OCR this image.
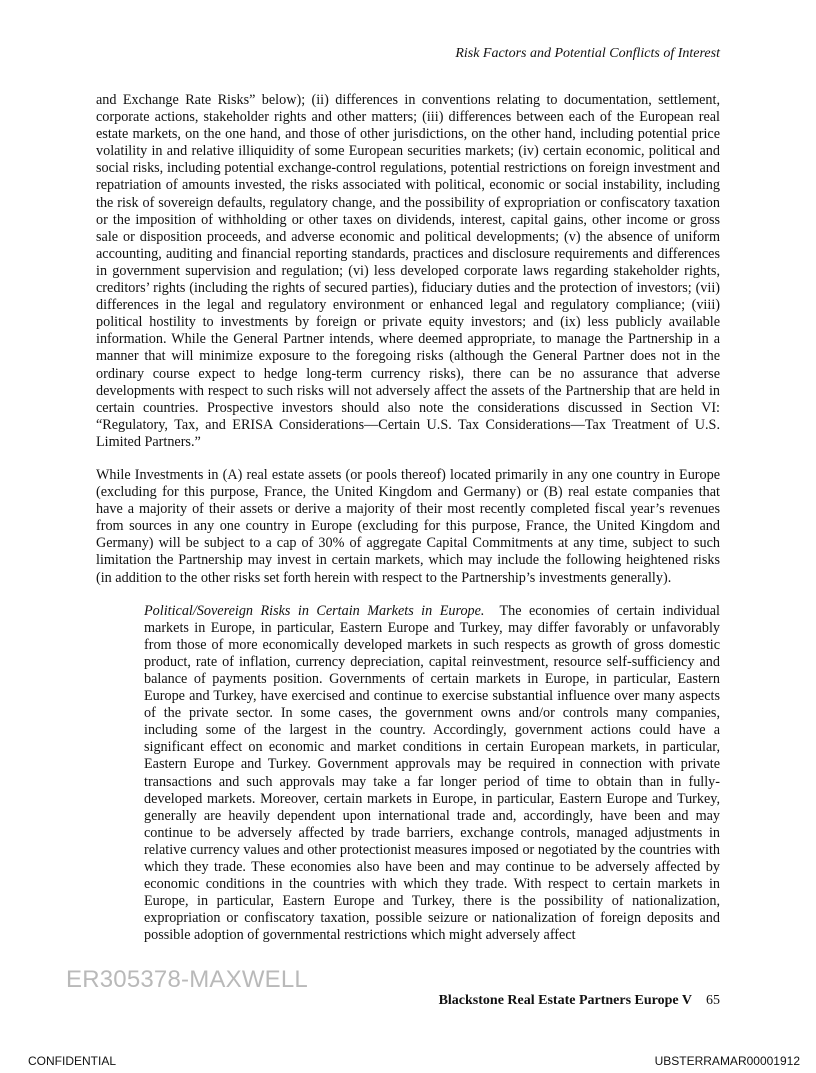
Risk Factors and Potential Conflicts of Interest

and Exchange Rate Risks” below); (ii) differences in conventions relating to documentation, settlement, corporate actions, stakeholder rights and other matters; (iii) differences between each of the European real estate markets, on the one hand, and those of other jurisdictions, on the other hand, including potential price volatility in and relative illiquidity of some European securities markets; (iv) certain economic, political and social risks, including potential exchange-control regulations, potential restrictions on foreign investment and repatriation of amounts invested, the risks associated with political, economic or social instability, including the risk of sovereign defaults, regulatory change, and the possibility of expropriation or confiscatory taxation or the imposition of withholding or other taxes on dividends, interest, capital gains, other income or gross sale or disposition proceeds, and adverse economic and political developments; (v) the absence of uniform accounting, auditing and financial reporting standards, practices and disclosure requirements and differences in government supervision and regulation; (vi) less developed corporate laws regarding stakeholder rights, creditors’ rights (including the rights of secured parties), fiduciary duties and the protection of investors; (vii) differences in the legal and regulatory environment or enhanced legal and regulatory compliance; (viii) political hostility to investments by foreign or private equity investors; and (ix) less publicly available information. While the General Partner intends, where deemed appropriate, to manage the Partnership in a manner that will minimize exposure to the foregoing risks (although the General Partner does not in the ordinary course expect to hedge long-term currency risks), there can be no assurance that adverse developments with respect to such risks will not adversely affect the assets of the Partnership that are held in certain countries. Prospective investors should also note the considerations discussed in Section VI: “Regulatory, Tax, and ERISA Considerations—Certain U.S. Tax Considerations—Tax Treatment of U.S. Limited Partners.”

While Investments in (A) real estate assets (or pools thereof) located primarily in any one country in Europe (excluding for this purpose, France, the United Kingdom and Germany) or (B) real estate companies that have a majority of their assets or derive a majority of their most recently completed fiscal year’s revenues from sources in any one country in Europe (excluding for this purpose, France, the United Kingdom and Germany) will be subject to a cap of 30% of aggregate Capital Commitments at any time, subject to such limitation the Partnership may invest in certain markets, which may include the following heightened risks (in addition to the other risks set forth herein with respect to the Partnership’s investments generally).

Political/Sovereign Risks in Certain Markets in Europe. The economies of certain individual markets in Europe, in particular, Eastern Europe and Turkey, may differ favorably or unfavorably from those of more economically developed markets in such respects as growth of gross domestic product, rate of inflation, currency depreciation, capital reinvestment, resource self-sufficiency and balance of payments position. Governments of certain markets in Europe, in particular, Eastern Europe and Turkey, have exercised and continue to exercise substantial influence over many aspects of the private sector. In some cases, the government owns and/or controls many companies, including some of the largest in the country. Accordingly, government actions could have a significant effect on economic and market conditions in certain European markets, in particular, Eastern Europe and Turkey. Government approvals may be required in connection with private transactions and such approvals may take a far longer period of time to obtain than in fully-developed markets. Moreover, certain markets in Europe, in particular, Eastern Europe and Turkey, generally are heavily dependent upon international trade and, accordingly, have been and may continue to be adversely affected by trade barriers, exchange controls, managed adjustments in relative currency values and other protectionist measures imposed or negotiated by the countries with which they trade. These economies also have been and may continue to be adversely affected by economic conditions in the countries with which they trade. With respect to certain markets in Europe, in particular, Eastern Europe and Turkey, there is the possibility of nationalization, expropriation or confiscatory taxation, possible seizure or nationalization of foreign deposits and possible adoption of governmental restrictions which might adversely affect

ER305378-MAXWELL
Blackstone Real Estate Partners Europe V 65
CONFIDENTIAL	UBSTERRAMAR00001912
